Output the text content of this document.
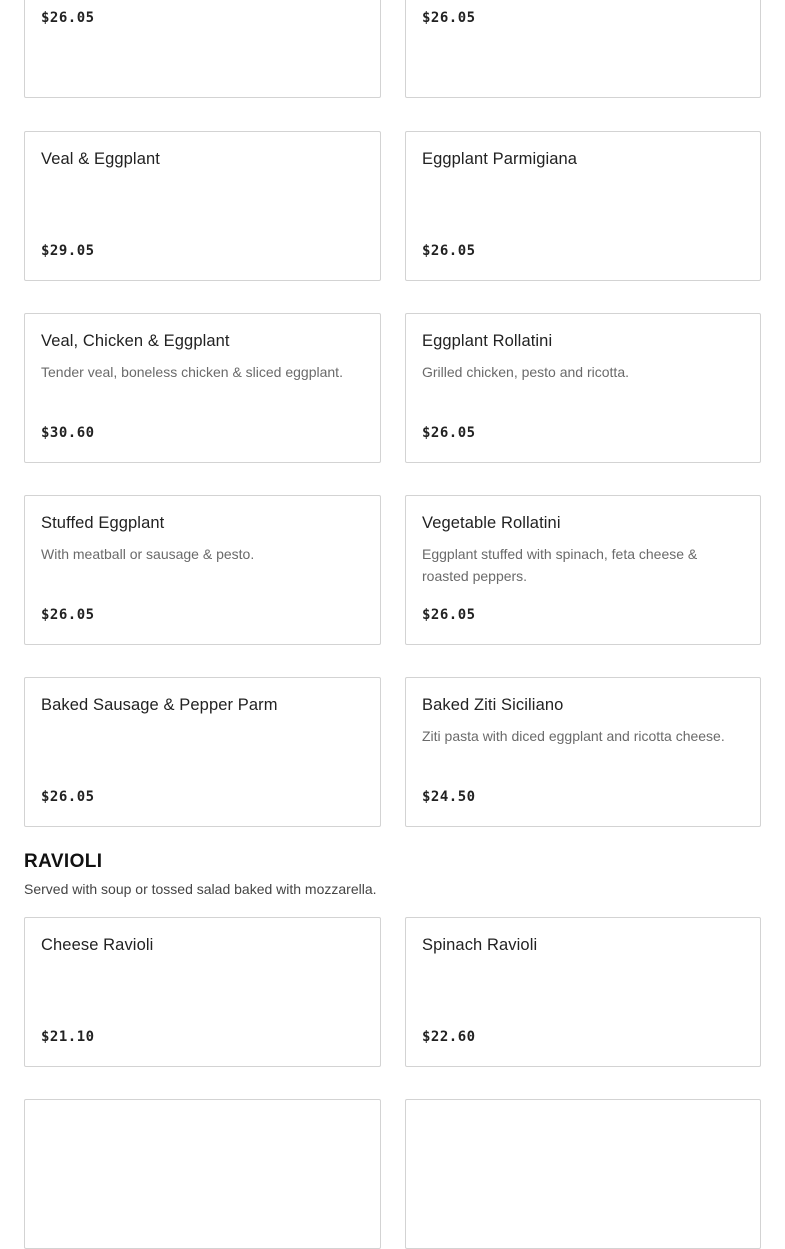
$26.05	$26.05
Veal & Eggplant
$29.05
Eggplant Parmigiana
$26.05
Veal, Chicken & Eggplant
Tender veal, boneless chicken & sliced eggplant.
$30.60
Eggplant Rollatini
Grilled chicken, pesto and ricotta.
$26.05
Stuffed Eggplant
With meatball or sausage & pesto.
$26.05
Vegetable Rollatini
Eggplant stuffed with spinach, feta cheese & roasted peppers.
$26.05
Baked Sausage & Pepper Parm
$26.05
Baked Ziti Siciliano
Ziti pasta with diced eggplant and ricotta cheese.
$24.50
RAVIOLI
Served with soup or tossed salad baked with mozzarella.
Cheese Ravioli
$21.10
Spinach Ravioli
$22.60
